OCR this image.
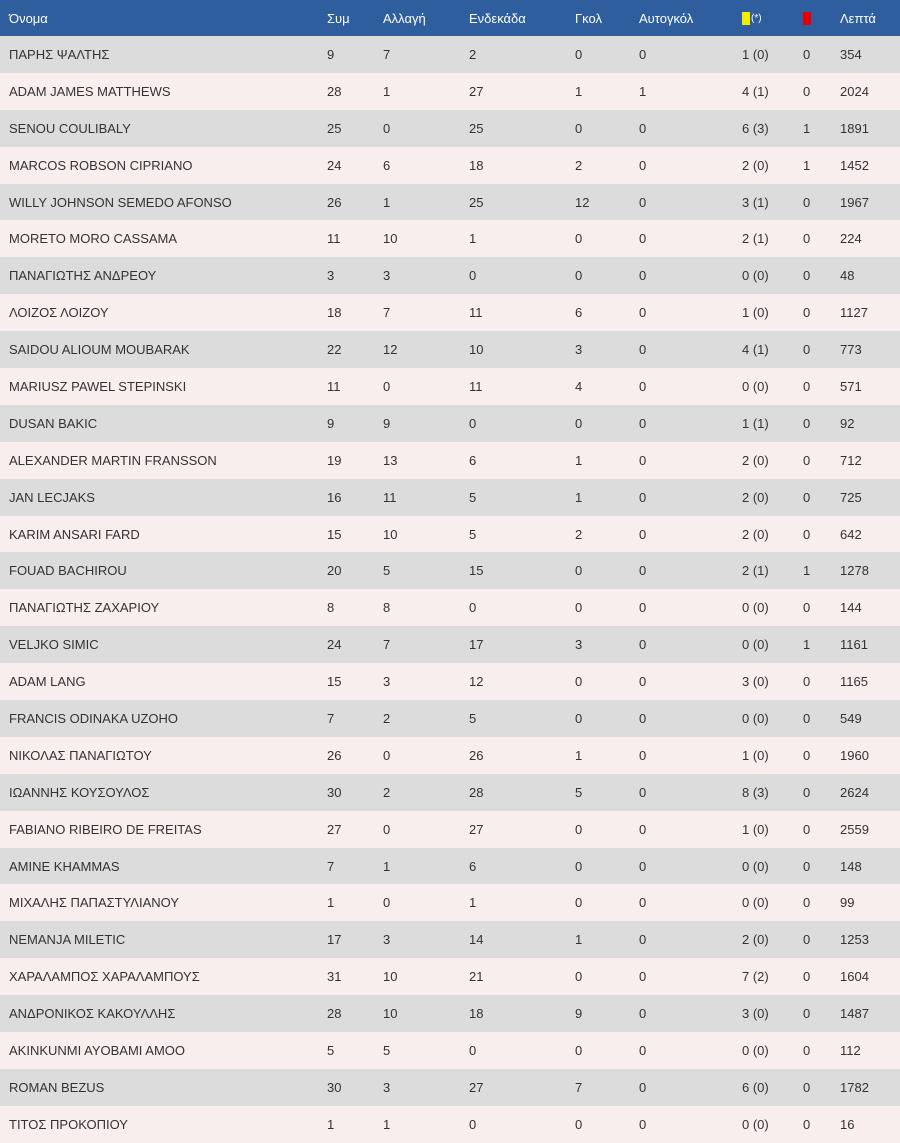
Όνομα	Συμ	Αλλαγή	Ενδεκάδα	Γκολ	Αυτογκόλ	(*)		Λεπτά
ΠΑΡΗΣ ΨΑΛΤΗΣ	9	7	2	0	0	1 (0)	0	354
ADAM JAMES MATTHEWS	28	1	27	1	1	4 (1)	0	2024
SENOU COULIBALY	25	0	25	0	0	6 (3)	1	1891
MARCOS ROBSON CIPRIANO	24	6	18	2	0	2 (0)	1	1452
WILLY JOHNSON SEMEDO AFONSO	26	1	25	12	0	3 (1)	0	1967
MORETO MORO CASSAMA	11	10	1	0	0	2 (1)	0	224
ΠΑΝΑΓΙΩΤΗΣ ΑΝΔΡΕΟΥ	3	3	0	0	0	0 (0)	0	48
ΛΟΙΖΟΣ ΛΟΙΖΟΥ	18	7	11	6	0	1 (0)	0	1127
SAIDOU ALIOUM MOUBARAK	22	12	10	3	0	4 (1)	0	773
MARIUSZ PAWEL STEPINSKI	11	0	11	4	0	0 (0)	0	571
DUSAN BAKIC	9	9	0	0	0	1 (1)	0	92
ALEXANDER MARTIN FRANSSON	19	13	6	1	0	2 (0)	0	712
JAN LECJAKS	16	11	5	1	0	2 (0)	0	725
KARIM ANSARI FARD	15	10	5	2	0	2 (0)	0	642
FOUAD BACHIROU	20	5	15	0	0	2 (1)	1	1278
ΠΑΝΑΓΙΩΤΗΣ ΖΑΧΑΡΙΟΥ	8	8	0	0	0	0 (0)	0	144
VELJKO SIMIC	24	7	17	3	0	0 (0)	1	1161
ADAM LANG	15	3	12	0	0	3 (0)	0	1165
FRANCIS ODINAKA UZOHO	7	2	5	0	0	0 (0)	0	549
ΝΙΚΟΛΑΣ ΠΑΝΑΓΙΩΤΟΥ	26	0	26	1	0	1 (0)	0	1960
ΙΩΑΝΝΗΣ ΚΟΥΣΟΥΛΟΣ	30	2	28	5	0	8 (3)	0	2624
FABIANO RIBEIRO DE FREITAS	27	0	27	0	0	1 (0)	0	2559
AMINE KHAMMAS	7	1	6	0	0	0 (0)	0	148
ΜΙΧΑΛΗΣ ΠΑΠΑΣΤΥΛΙΑΝΟΥ	1	0	1	0	0	0 (0)	0	99
NEMANJA MILETIC	17	3	14	1	0	2 (0)	0	1253
ΧΑΡΑΛΑΜΠΟΣ ΧΑΡΑΛΑΜΠΟΥΣ	31	10	21	0	0	7 (2)	0	1604
ΑΝΔΡΟΝΙΚΟΣ ΚΑΚΟΥΛΛΗΣ	28	10	18	9	0	3 (0)	0	1487
AKINKUNMI AYOBAMI AMOO	5	5	0	0	0	0 (0)	0	112
ROMAN BEZUS	30	3	27	7	0	6 (0)	0	1782
ΤΙΤΟΣ ΠΡΟΚΟΠΙΟΥ	1	1	0	0	0	0 (0)	0	16
